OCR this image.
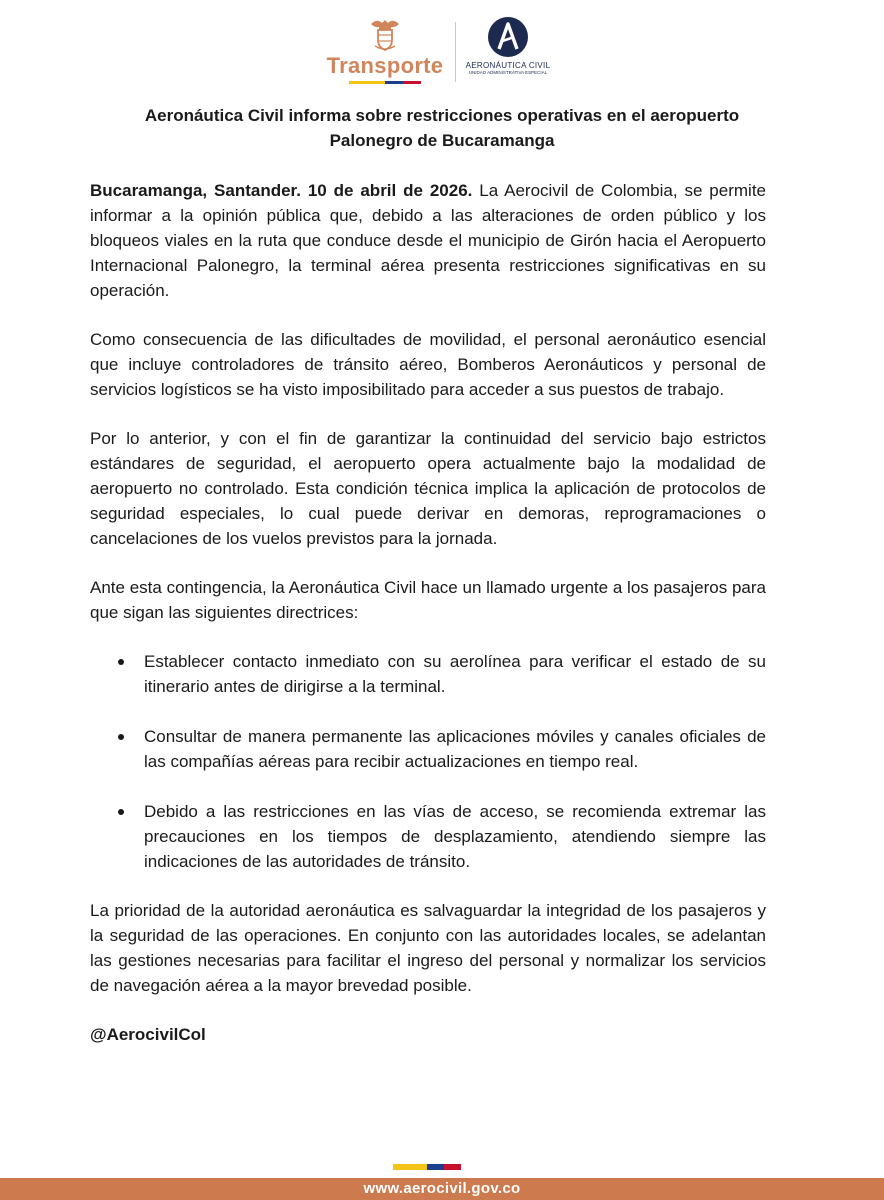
Transporte	AERONÁUTICA CIVIL
UNIDAD ADMINISTRATIVA ESPECIAL
Aeronáutica Civil informa sobre restricciones operativas en el aeropuerto
Palonegro de Bucaramanga

Bucaramanga, Santander. 10 de abril de 2026. La Aerocivil de Colombia, se permite informar a la opinión pública que, debido a las alteraciones de orden público y los bloqueos viales en la ruta que conduce desde el municipio de Girón hacia el Aeropuerto Internacional Palonegro, la terminal aérea presenta restricciones significativas en su operación.

Como consecuencia de las dificultades de movilidad, el personal aeronáutico esencial que incluye controladores de tránsito aéreo, Bomberos Aeronáuticos y personal de servicios logísticos se ha visto imposibilitado para acceder a sus puestos de trabajo.

Por lo anterior, y con el fin de garantizar la continuidad del servicio bajo estrictos estándares de seguridad, el aeropuerto opera actualmente bajo la modalidad de aeropuerto no controlado. Esta condición técnica implica la aplicación de protocolos de seguridad especiales, lo cual puede derivar en demoras, reprogramaciones o cancelaciones de los vuelos previstos para la jornada.

Ante esta contingencia, la Aeronáutica Civil hace un llamado urgente a los pasajeros para que sigan las siguientes directrices:

Establecer contacto inmediato con su aerolínea para verificar el estado de su itinerario antes de dirigirse a la terminal.
Consultar de manera permanente las aplicaciones móviles y canales oficiales de las compañías aéreas para recibir actualizaciones en tiempo real.
Debido a las restricciones en las vías de acceso, se recomienda extremar las precauciones en los tiempos de desplazamiento, atendiendo siempre las indicaciones de las autoridades de tránsito.

La prioridad de la autoridad aeronáutica es salvaguardar la integridad de los pasajeros y la seguridad de las operaciones. En conjunto con las autoridades locales, se adelantan las gestiones necesarias para facilitar el ingreso del personal y normalizar los servicios de navegación aérea a la mayor brevedad posible.

@AerocivilCol

www.aerocivil.gov.co
